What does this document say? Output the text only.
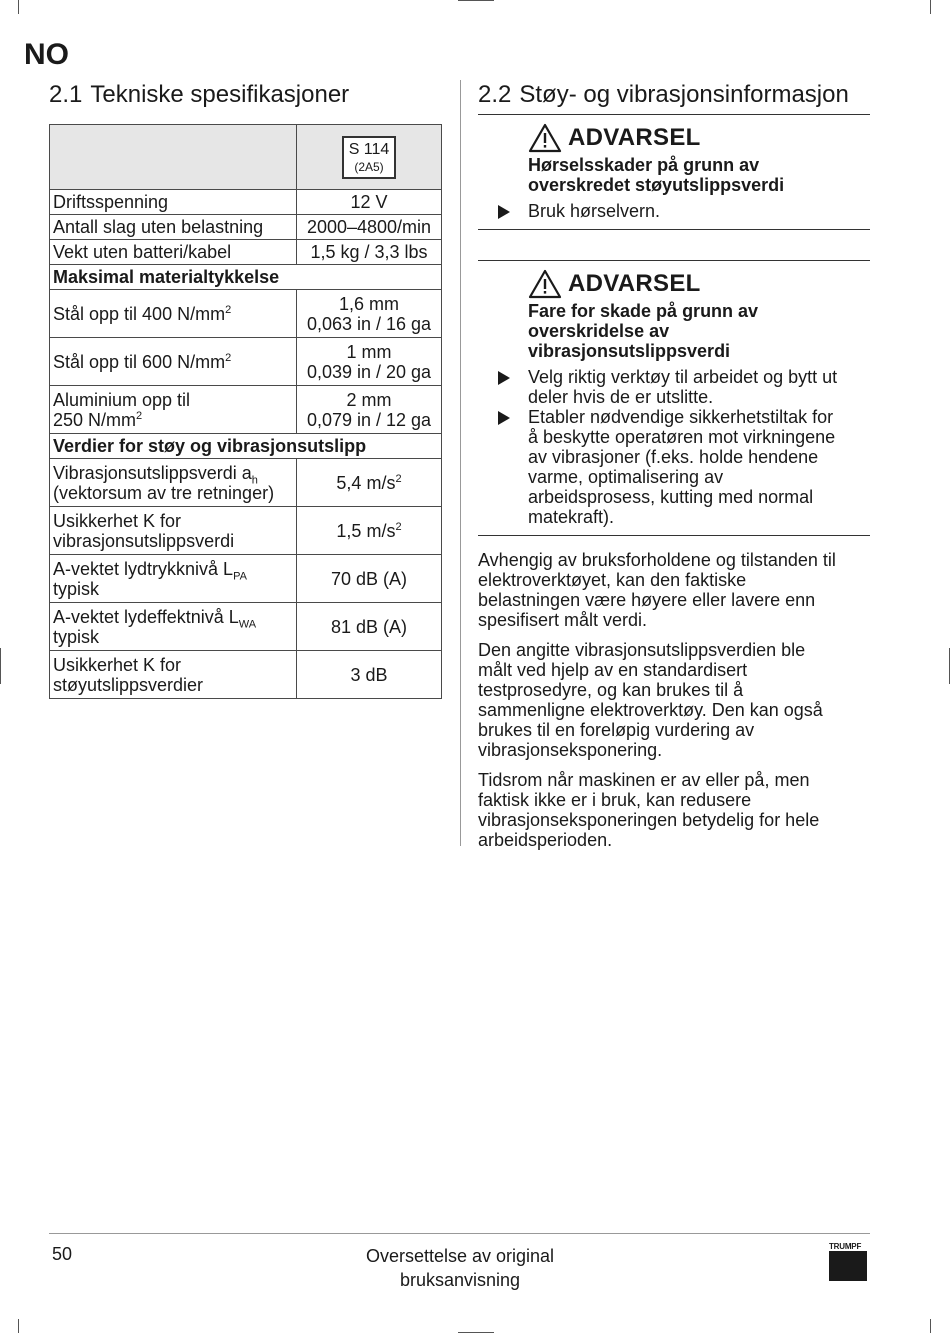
NO
2.1 Tekniske spesifikasjoner

	S 114
(2A5)

Driftsspenning	12 V
Antall slag uten belastning	2000–4800/min
Vekt uten batteri/kabel	1,5 kg / 3,3 lbs
Maksimal materialtykkelse	
Stål opp til 400 $N/mm^2$	1,6 mm
0,063 in / 16 ga
Stål opp til 600 $N/mm^2$	1 mm
0,039 in / 20 ga
Aluminium opp til
250 $N/mm^2$	2 mm
0,079 in / 12 ga
Verdier for støy og vibrasjonsutslipp	
Vibrasjonsutslippsverdi $a_h$
(vektorsum av tre retninger)	5,4 $m/s^2$
Usikkerhet K for
vibrasjonsutslippsverdi	1,5 $m/s^2$
A-vektet lydtrykknivå $L_{PA}$
typisk	70 dB (A)
A-vektet lydeffektnivå $L_{WA}$
typisk	81 dB (A)
Usikkerhet K for
støyutslippsverdier	3 dB
2.2 Støy- og vibrasjonsinformasjon
ADVARSEL
Hørselsskader på grunn av
overskredet støyutslippsverdi
Bruk hørselvern.
ADVARSEL
Fare for skade på grunn av
overskridelse av
vibrasjonsutslippsverdi
Velg riktig verktøy til arbeidet og bytt ut
deler hvis de er utslitte.
Etabler nødvendige sikkerhetstiltak for
å beskytte operatøren mot virkningene
av vibrasjoner (f.eks. holde hendene
varme, optimalisering av
arbeidsprosess, kutting med normal
matekraft).

Avhengig av bruksforholdene og tilstanden til
elektroverktøyet, kan den faktiske
belastningen være høyere eller lavere enn
spesifisert målt verdi.

Den angitte vibrasjonsutslippsverdien ble
målt ved hjelp av en standardisert
testprosedyre, og kan brukes til å
sammenligne elektroverktøy. Den kan også
brukes til en foreløpig vurdering av
vibrasjonseksponering.

Tidsrom når maskinen er av eller på, men
faktisk ikke er i bruk, kan redusere
vibrasjonseksponeringen betydelig for hele
arbeidsperioden.

50	Oversettelse av original
bruksanvisning
TRUMPF
